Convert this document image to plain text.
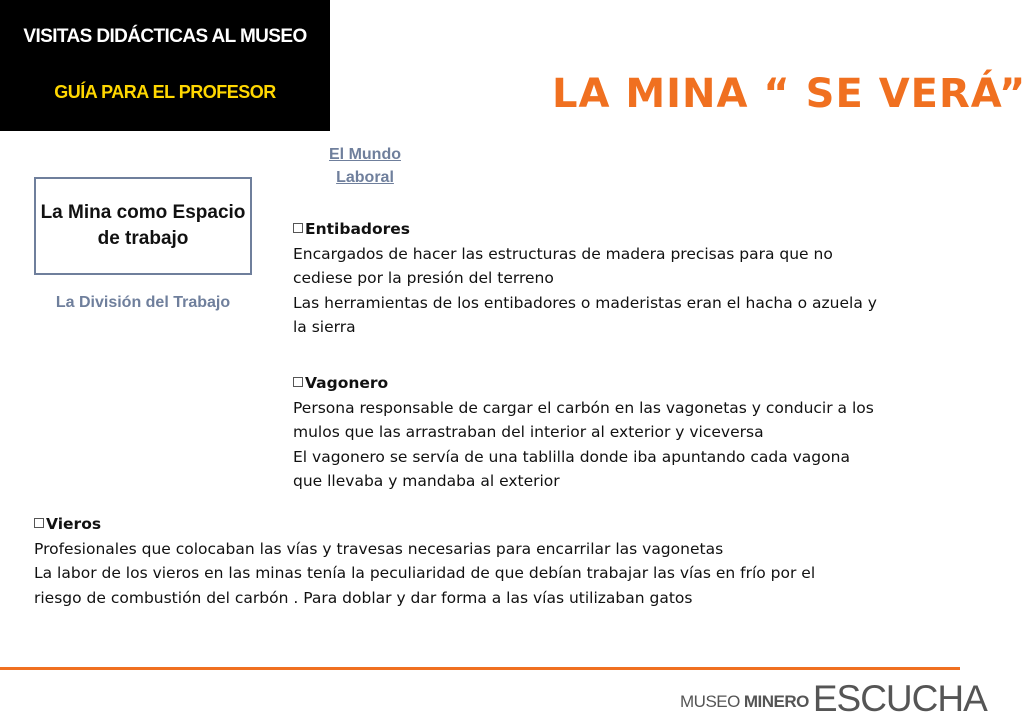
VISITAS DIDÁCTICAS AL MUSEO
GUÍA PARA EL PROFESOR	LA MINA “ SE VERÁ”
El Mundo Laboral
La Mina como Espacio de trabajo
La División del Trabajo

Entibadores

Encargados de hacer las estructuras de madera precisas para que no cediese por la presión del terreno

Las herramientas de los entibadores o maderistas eran el hacha o azuela y la sierra

Vagonero

Persona responsable de cargar el carbón en las vagonetas y conducir a los mulos que las arrastraban del interior al exterior y viceversa

El vagonero se servía de una tablilla donde iba apuntando cada vagona que llevaba y mandaba al exterior

Vieros

Profesionales que colocaban las vías y travesas necesarias para encarrilar las vagonetas

La labor de los vieros en las minas tenía la peculiaridad de que debían trabajar las vías en frío por el riesgo de combustión del carbón . Para doblar y dar forma a las vías utilizaban gatos

MUSEO MINERO ESCUCHA
